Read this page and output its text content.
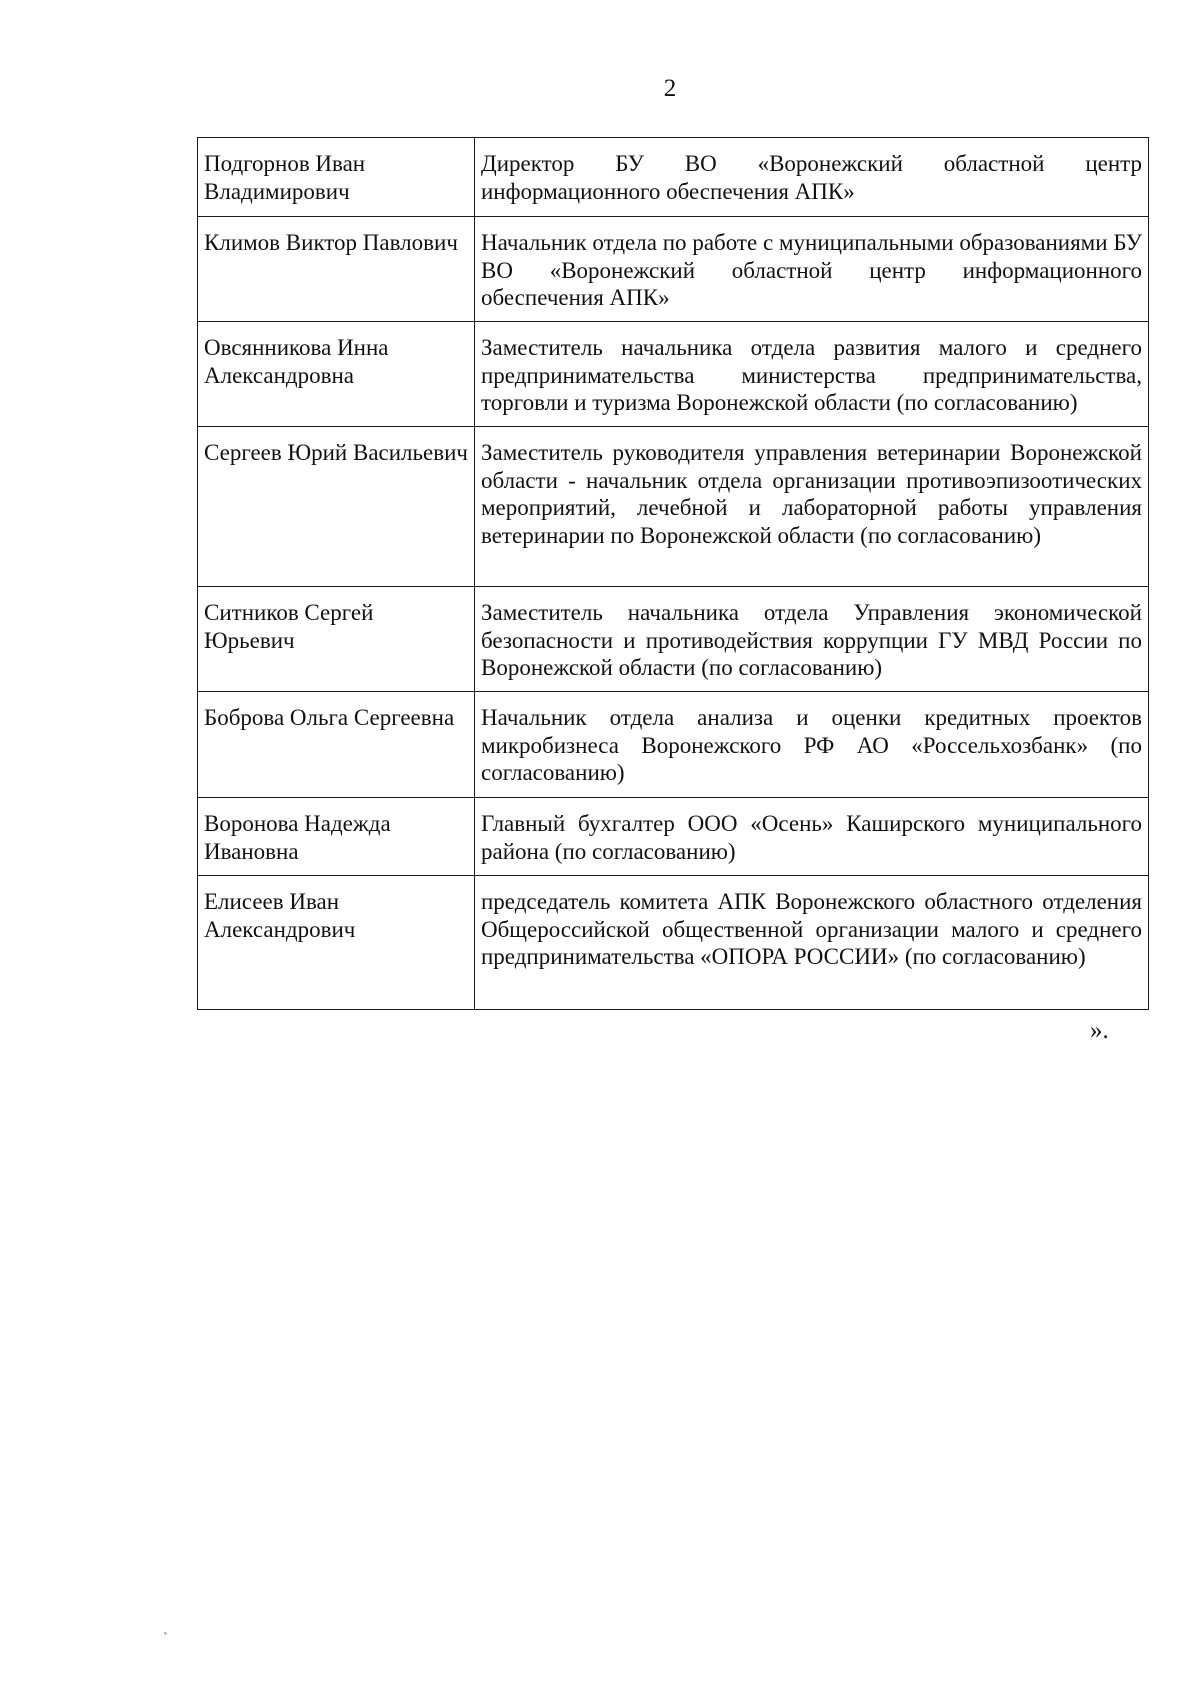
2
Подгорнов Иван Владимирович	Директор БУ ВО «Воронежский областной центр информационного обеспечения АПК»
Климов Виктор Павлович	Начальник отдела по работе с муниципальными образованиями БУ ВО «Воронежский областной центр информационного обеспечения АПК»
Овсянникова Инна Александровна	Заместитель начальника отдела развития малого и среднего предпринимательства министерства предпринимательства, торговли и туризма Воронежской области (по согласованию)
Сергеев Юрий Васильевич	Заместитель руководителя управления ветеринарии Воронежской области - начальник отдела организации противоэпизоотических мероприятий, лечебной и лабораторной работы управления ветеринарии по Воронежской области (по согласованию)
Ситников Сергей Юрьевич	Заместитель начальника отдела Управления экономической безопасности и противодействия коррупции ГУ МВД России по Воронежской области (по согласованию)
Боброва Ольга Сергеевна	Начальник отдела анализа и оценки кредитных проектов микробизнеса Воронежского РФ АО «Россельхозбанк» (по согласованию)
Воронова Надежда Ивановна	Главный бухгалтер ООО «Осень» Каширского муниципального района (по согласованию)
Елисеев Иван Александрович	председатель комитета АПК Воронежского областного отделения Общероссийской общественной организации малого и среднего предпринимательства «ОПОРА РОССИИ» (по согласованию)
».
`
